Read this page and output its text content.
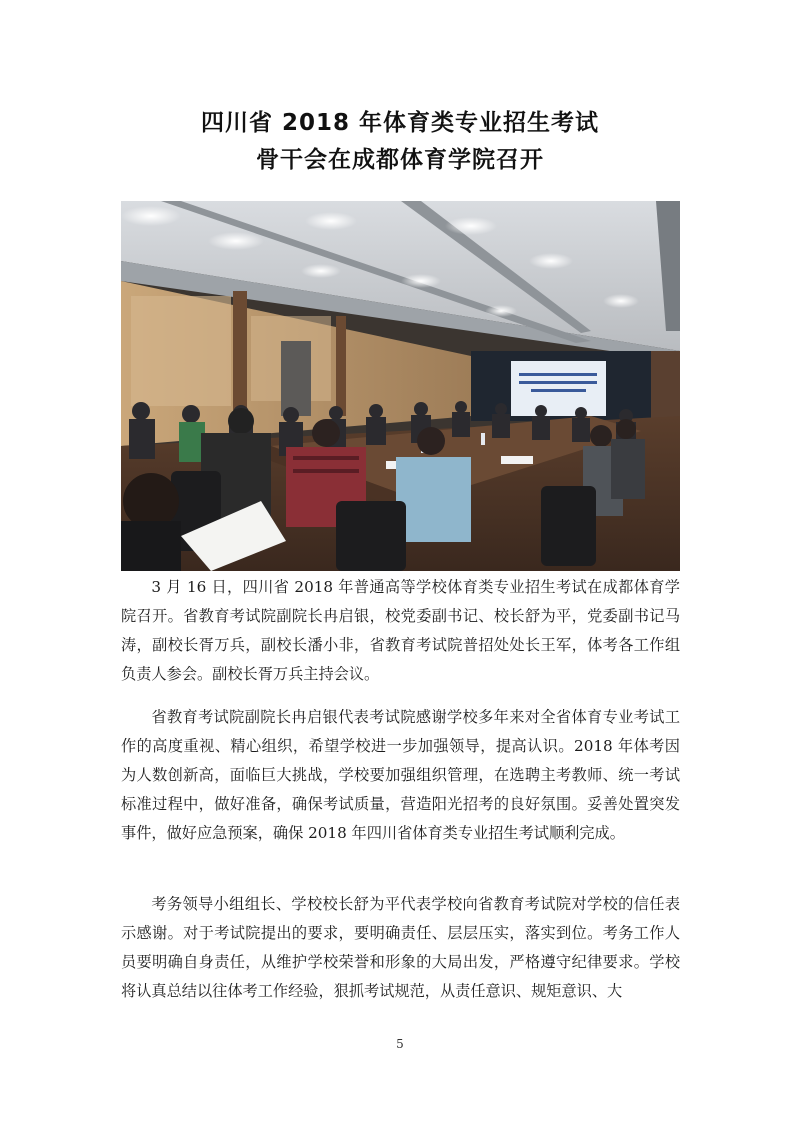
四川省 2018 年体育类专业招生考试
骨干会在成都体育学院召开
3 月 16 日，四川省 2018 年普通高等学校体育类专业招生考试在成都体育学院召开。省教育考试院副院长冉启银，校党委副书记、校长舒为平，党委副书记马涛，副校长胥万兵，副校长潘小非，省教育考试院普招处处长王军，体考各工作组负责人参会。副校长胥万兵主持会议。
省教育考试院副院长冉启银代表考试院感谢学校多年来对全省体育专业考试工作的高度重视、精心组织，希望学校进一步加强领导，提高认识。2018 年体考因为人数创新高，面临巨大挑战，学校要加强组织管理，在选聘主考教师、统一考试标准过程中，做好准备，确保考试质量，营造阳光招考的良好氛围。妥善处置突发事件，做好应急预案，确保 2018 年四川省体育类专业招生考试顺利完成。
考务领导小组组长、学校校长舒为平代表学校向省教育考试院对学校的信任表示感谢。对于考试院提出的要求，要明确责任、层层压实，落实到位。考务工作人员要明确自身责任，从维护学校荣誉和形象的大局出发，严格遵守纪律要求。学校将认真总结以往体考工作经验，狠抓考试规范，从责任意识、规矩意识、大
5
